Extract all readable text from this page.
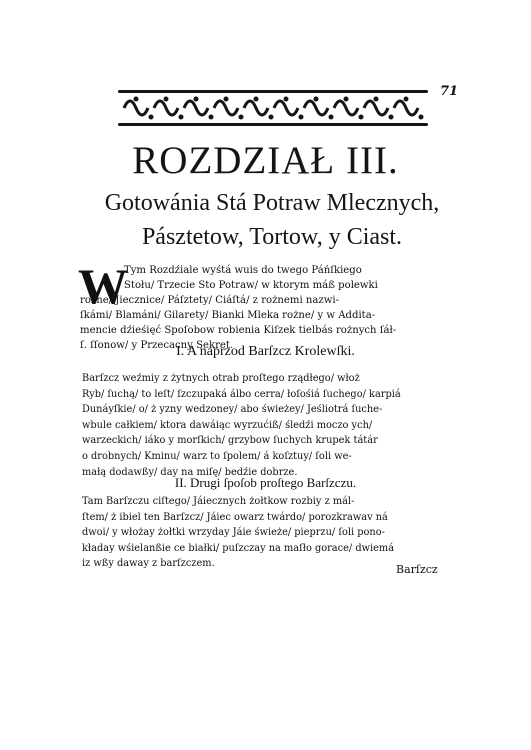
71
ROZDZIAŁ III.
Gotowánia Stá Potraw Mlecznych,
Pásztetow, Tortow, y Ciast.
W
Tym Rozdźiale wyśtá wuis do twego Páńſkiego
Stołu/ Trzecie Sto Potraw/ w ktorym máß polewki
rożne/ Jiecznice/ Páſztety/ Ciáſtá/ z rożnemi nazwi-
ſkámi/ Blamáni/ Gilarety/ Bianki Mleka rożne/ y w Addita-
mencie dźieśięć Spoſobow robienia Kiſzek tielbás rożnych ſáł-
ſ. ſſonow/ y Przecacny Sekret.
I. A naprzod Barſzcz Krolewſki.
Barſzcz weźmiy z żytnych otrab proſtego rządłego/ włoż
Ryb/ ſuchą/ to leſt/ ſzczupaká álbo cerra/ łoſośiá ſuchego/ karpiá
Dunáyſkie/ o/ ż yzny wedzoney/ abo świeżey/ Jeśliotrá ſuche-
wbule całkiem/ ktora dawáiąc wyrzućiß/ śledźi moczo ych/
warzeckich/ iáko y morſkich/ grzybow ſuchych krupek tátár
o drobnych/ Kminu/ warz to ſpolem/ á koſztuy/ ſoli we-
małą dodawßy/ day na miſę/ bedźie dobrze.
II. Drugi ſpoſob proſtego Barſzczu.
Tam Barſzczu ciſtego/ Jáiecznych żołtkow rozbiy z mál-
ſtem/ ż ibiel ten Barſzcz/ Jáiec owarz twárdo/ porozkrawav ná
dwoi/ y włożay żołtki wrzyday Jáie świeże/ pieprzu/ ſoli pono-
kładay wśielanßie ce białki/ puſzczay na maſło gorace/ dwiemá
iz wßy daway z barſzczem.	Barſzcz
